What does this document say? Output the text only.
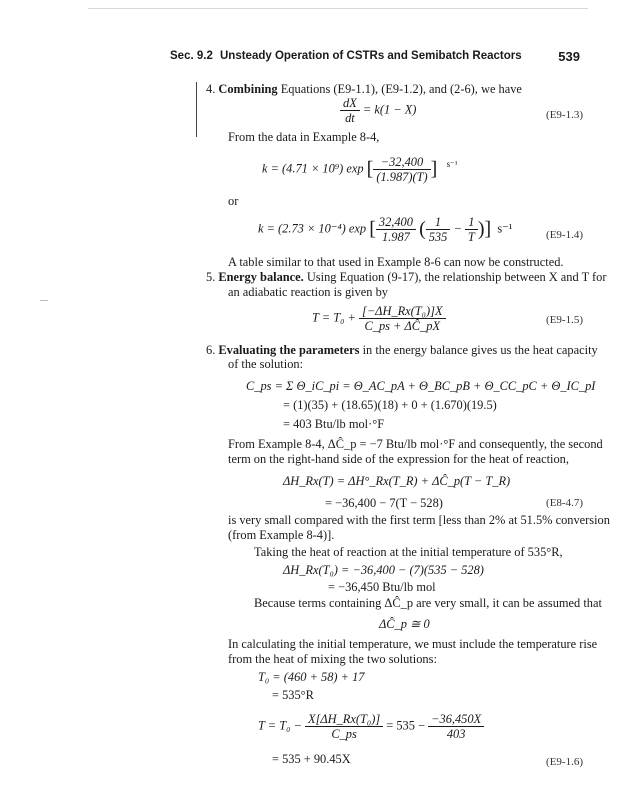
Sec. 9.2 Unsteady Operation of CSTRs and Semibatch Reactors	539
4. Combining Equations (E9-1.1), (E9-1.2), and (2-6), we have
$\frac{dX}{dt} = k(1 - X)$	(E9-1.3)
From the data in Example 8-4,
k = (4.71 × 10⁹) exp [ $\frac{-32,400}{(1.987)(T)}$ ] $^{s^{-1}}$
or
k = (2.73 × 10⁻⁴) exp [ $\frac{32,400}{1.987}$ ( $\frac{1}{535} - \frac{1}{T}$ )] s⁻¹	(E9-1.4)
A table similar to that used in Example 8-6 can now be constructed.
5. Energy balance. Using Equation (9-17), the relationship between X and T for
an adiabatic reaction is given by
$T = T_0 + \frac{\text{[−ΔH\_Rx(T₀)]X}}{C\_ps + \Delta Ĉ\_pX}$	(E9-1.5)
6. Evaluating the parameters in the energy balance gives us the heat capacity
of the solution:
C_ps = Σ Θ_iC_pi = Θ_AC_pA + Θ_BC_pB + Θ_CC_pC + Θ_IC_pI
= (1)(35) + (18.65)(18) + 0 + (1.670)(19.5)
= 403 Btu/lb mol·°F
From Example 8-4, ΔĈ_p = −7 Btu/lb mol·°F and consequently, the second
term on the right-hand side of the expression for the heat of reaction,
ΔH_Rx(T) = ΔH°_Rx(T_R) + ΔĈ_p(T − T_R)
= −36,400 − 7(T − 528)	(E8-4.7)
is very small compared with the first term [less than 2% at 51.5% conversion
(from Example 8-4)].
Taking the heat of reaction at the initial temperature of 535°R,
ΔH_Rx(T₀) = −36,400 − (7)(535 − 528)
= −36,450 Btu/lb mol
Because terms containing ΔĈ_p are very small, it can be assumed that
ΔĈ_p ≅ 0
In calculating the initial temperature, we must include the temperature rise
from the heat of mixing the two solutions:
T₀ = (460 + 58) + 17
= 535°R
$T = T_0 - \frac{\text{X[ΔH\_Rx(T₀)]}}{C\_ps} = 535 - \frac{-36,450X}{403}$
= 535 + 90.45X	(E9-1.6)
